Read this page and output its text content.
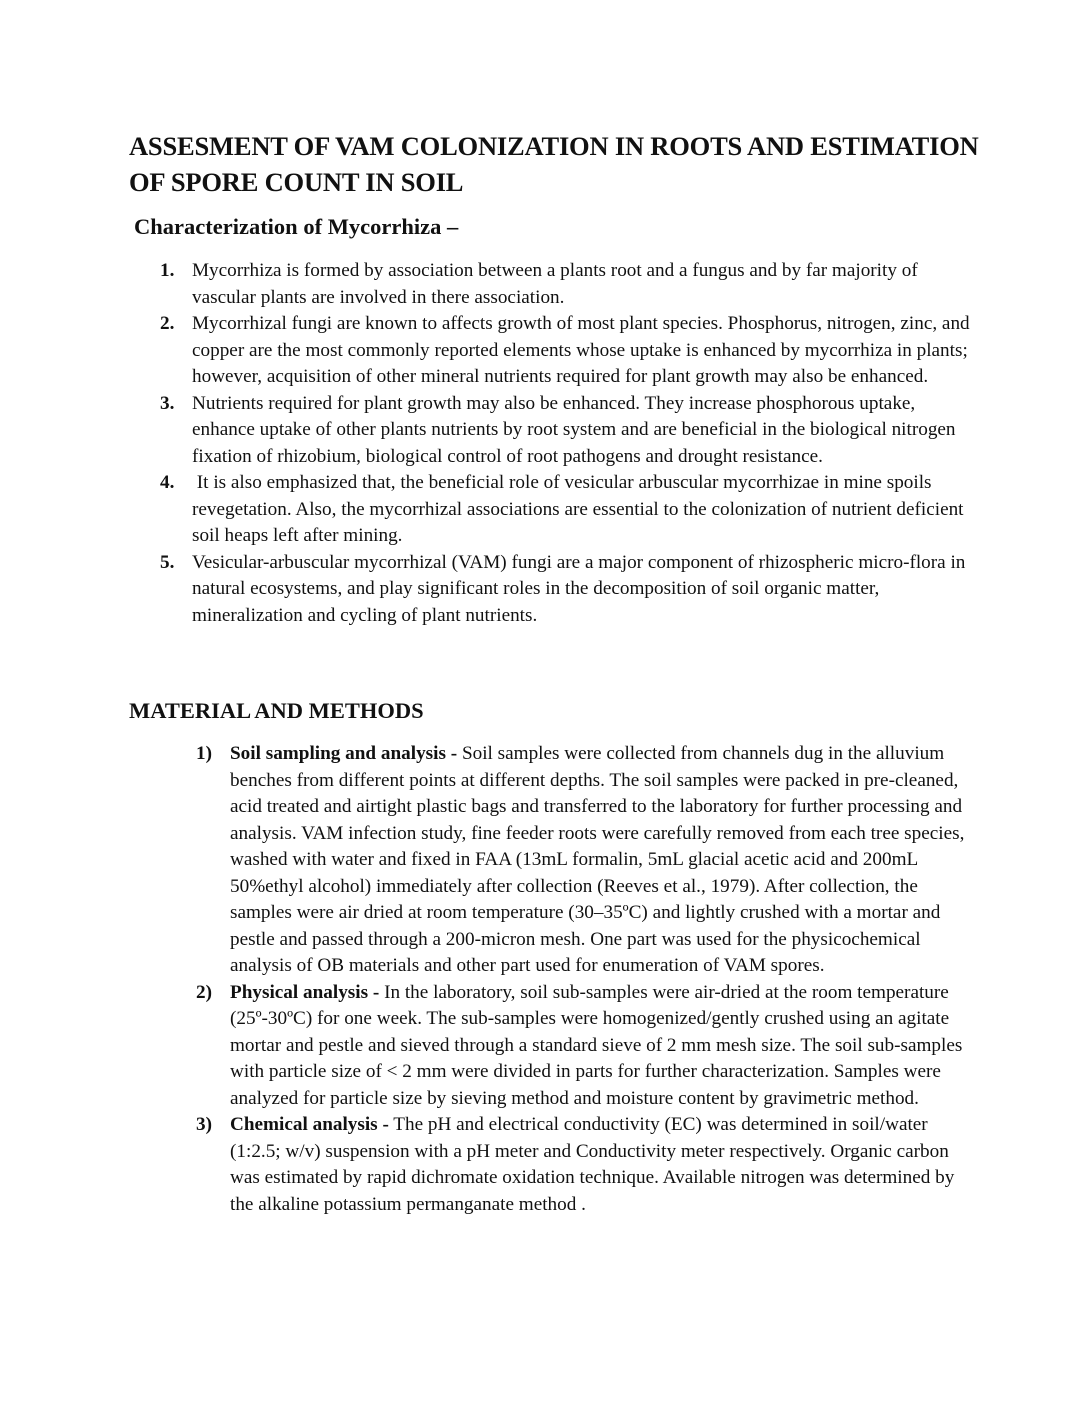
ASSESMENT OF VAM COLONIZATION IN ROOTS AND ESTIMATION OF SPORE COUNT IN SOIL
Characterization of Mycorrhiza –
1. Mycorrhiza is formed by association between a plants root and a fungus and by far majority of vascular plants are involved in there association.
2. Mycorrhizal fungi are known to affects growth of most plant species. Phosphorus, nitrogen, zinc, and copper are the most commonly reported elements whose uptake is enhanced by mycorrhiza in plants; however, acquisition of other mineral nutrients required for plant growth may also be enhanced.
3. Nutrients required for plant growth may also be enhanced. They increase phosphorous uptake, enhance uptake of other plants nutrients by root system and are beneficial in the biological nitrogen fixation of rhizobium, biological control of root pathogens and drought resistance.
4. It is also emphasized that, the beneficial role of vesicular arbuscular mycorrhizae in mine spoils revegetation. Also, the mycorrhizal associations are essential to the colonization of nutrient deficient soil heaps left after mining.
5. Vesicular-arbuscular mycorrhizal (VAM) fungi are a major component of rhizospheric micro-flora in natural ecosystems, and play significant roles in the decomposition of soil organic matter, mineralization and cycling of plant nutrients.
MATERIAL AND METHODS
1) Soil sampling and analysis - Soil samples were collected from channels dug in the alluvium benches from different points at different depths. The soil samples were packed in pre-cleaned, acid treated and airtight plastic bags and transferred to the laboratory for further processing and analysis. VAM infection study, fine feeder roots were carefully removed from each tree species, washed with water and fixed in FAA (13mL formalin, 5mL glacial acetic acid and 200mL 50%ethyl alcohol) immediately after collection (Reeves et al., 1979). After collection, the samples were air dried at room temperature (30–35ºC) and lightly crushed with a mortar and pestle and passed through a 200-micron mesh. One part was used for the physicochemical analysis of OB materials and other part used for enumeration of VAM spores.
2) Physical analysis - In the laboratory, soil sub-samples were air-dried at the room temperature (25º-30ºC) for one week. The sub-samples were homogenized/gently crushed using an agitate mortar and pestle and sieved through a standard sieve of 2 mm mesh size. The soil sub-samples with particle size of < 2 mm were divided in parts for further characterization. Samples were analyzed for particle size by sieving method and moisture content by gravimetric method.
3) Chemical analysis - The pH and electrical conductivity (EC) was determined in soil/water (1:2.5; w/v) suspension with a pH meter and Conductivity meter respectively. Organic carbon was estimated by rapid dichromate oxidation technique. Available nitrogen was determined by the alkaline potassium permanganate method .
